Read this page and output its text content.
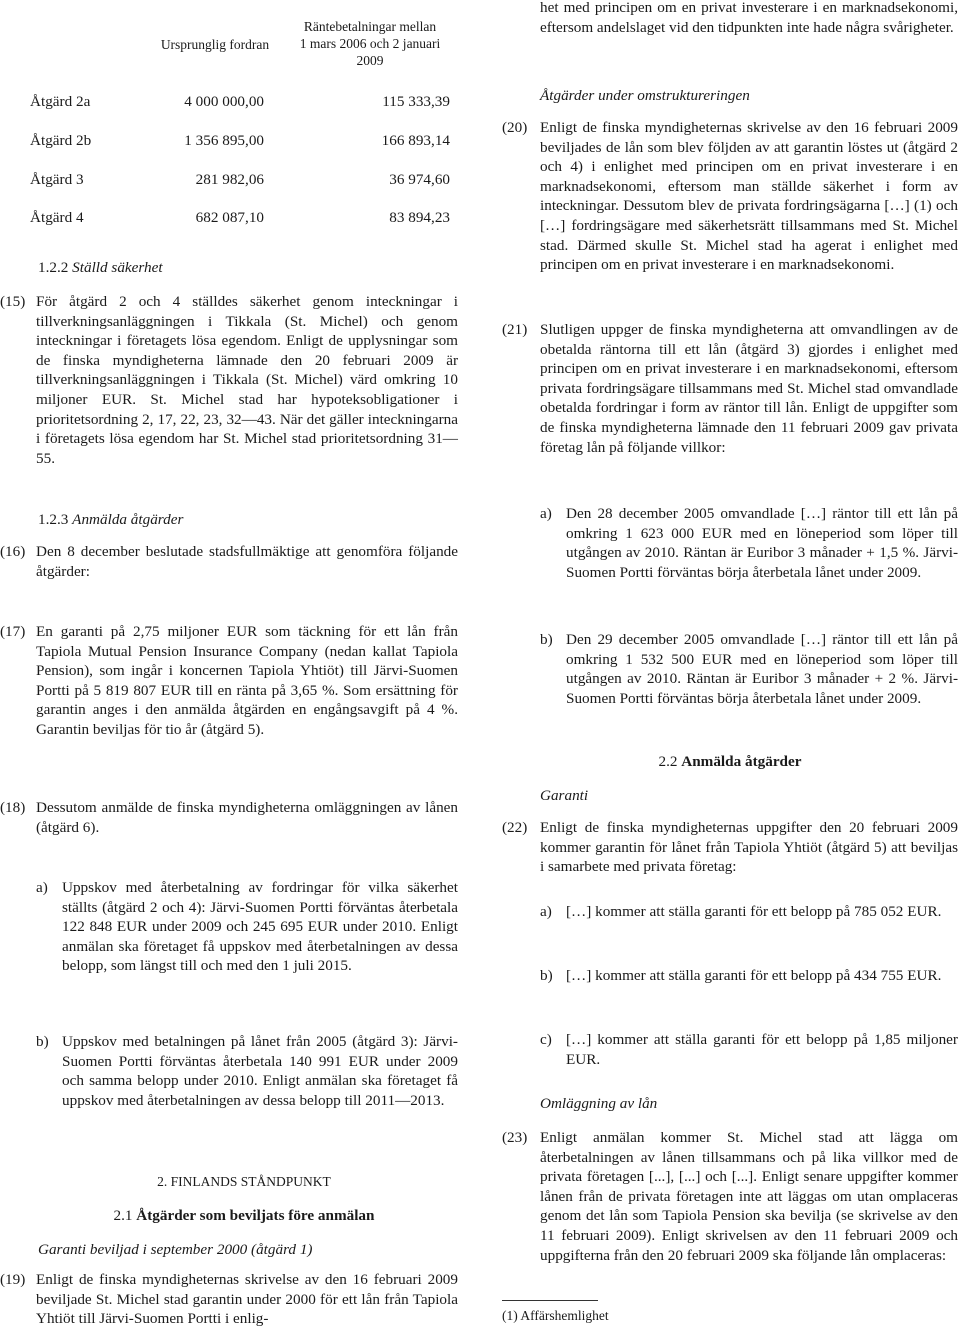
Ursprunglig fordran
Räntebetalningar mellan
1 mars 2006 och 2 januari
2009
Åtgärd 2a	4 000 000,00	115 333,39
Åtgärd 2b	1 356 895,00	166 893,14
Åtgärd 3	281 982,06	36 974,60
Åtgärd 4	682 087,10	83 894,23
1.2.2 Ställd säkerhet
(15) För åtgärd 2 och 4 ställdes säkerhet genom inteckningar i tillverkningsanläggningen i Tikkala (St. Michel) och genom inteckningar i företagets lösa egendom. Enligt de upplysningar som de finska myndigheterna lämnade den 20 februari 2009 är tillverkningsanläggningen i Tikkala (St. Michel) värd omkring 10 miljoner EUR. St. Michel stad har hypoteksobligationer i prioritetsordning 2, 17, 22, 23, 32—43. När det gäller inteckningarna i företagets lösa egendom har St. Michel stad prioritetsordning 31—55.
1.2.3 Anmälda åtgärder
(16) Den 8 december beslutade stadsfullmäktige att genomföra följande åtgärder:
(17) En garanti på 2,75 miljoner EUR som täckning för ett lån från Tapiola Mutual Pension Insurance Company (nedan kallat Tapiola Pension), som ingår i koncernen Tapiola Yhtiöt) till Järvi-Suomen Portti på 5 819 807 EUR till en ränta på 3,65 %. Som ersättning för garantin anges i den anmälda åtgärden en engångsavgift på 4 %. Garantin beviljas för tio år (åtgärd 5).
(18) Dessutom anmälde de finska myndigheterna omläggningen av lånen (åtgärd 6).
a) Uppskov med återbetalning av fordringar för vilka säkerhet ställts (åtgärd 2 och 4): Järvi-Suomen Portti förväntas återbetala 122 848 EUR under 2009 och 245 695 EUR under 2010. Enligt anmälan ska företaget få uppskov med återbetalningen av dessa belopp, som längst till och med den 1 juli 2015.
b) Uppskov med betalningen på lånet från 2005 (åtgärd 3): Järvi-Suomen Portti förväntas återbetala 140 991 EUR under 2009 och samma belopp under 2010. Enligt anmälan ska företaget få uppskov med återbetalningen av dessa belopp till 2011—2013.
2. FINLANDS STÅNDPUNKT
2.1 Åtgärder som beviljats före anmälan
Garanti beviljad i september 2000 (åtgärd 1)
(19) Enligt de finska myndigheternas skrivelse av den 16 februari 2009 beviljade St. Michel stad garantin under 2000 för ett lån från Tapiola Yhtiöt till Järvi-Suomen Portti i enlig-
het med principen om en privat investerare i en marknadsekonomi, eftersom andelslaget vid den tidpunkten inte hade några svårigheter.
Åtgärder under omstruktureringen
(20) Enligt de finska myndigheternas skrivelse av den 16 februari 2009 beviljades de lån som blev följden av att garantin löstes ut (åtgärd 2 och 4) i enlighet med principen om en privat investerare i en marknadsekonomi, eftersom man ställde säkerhet i form av inteckningar. Dessutom blev de privata fordringsägarna […] (1) och […] fordringsägare med säkerhetsrätt tillsammans med St. Michel stad. Därmed skulle St. Michel stad ha agerat i enlighet med principen om en privat investerare i en marknadsekonomi.
(21) Slutligen uppger de finska myndigheterna att omvandlingen av de obetalda räntorna till ett lån (åtgärd 3) gjordes i enlighet med principen om en privat investerare i en marknadsekonomi, eftersom privata fordringsägare tillsammans med St. Michel stad omvandlade obetalda fordringar i form av räntor till lån. Enligt de uppgifter som de finska myndigheterna lämnade den 11 februari 2009 gav privata företag lån på följande villkor:
a) Den 28 december 2005 omvandlade […] räntor till ett lån på omkring 1 623 000 EUR med en löneperiod som löper till utgången av 2010. Räntan är Euribor 3 månader + 1,5 %. Järvi-Suomen Portti förväntas börja återbetala lånet under 2009.
b) Den 29 december 2005 omvandlade […] räntor till ett lån på omkring 1 532 500 EUR med en löneperiod som löper till utgången av 2010. Räntan är Euribor 3 månader + 2 %. Järvi-Suomen Portti förväntas börja återbetala lånet under 2009.
2.2 Anmälda åtgärder
Garanti
(22) Enligt de finska myndigheternas uppgifter den 20 februari 2009 kommer garantin för lånet från Tapiola Yhtiöt (åtgärd 5) att beviljas i samarbete med privata företag:
a) […] kommer att ställa garanti för ett belopp på 785 052 EUR.
b) […] kommer att ställa garanti för ett belopp på 434 755 EUR.
c) […] kommer att ställa garanti för ett belopp på 1,85 miljoner EUR.
Omläggning av lån
(23) Enligt anmälan kommer St. Michel stad att lägga om återbetalningen av lånen tillsammans och på lika villkor med de privata företagen [...], [...] och [...]. Enligt senare uppgifter kommer lånen från de privata företagen inte att läggas om utan omplaceras genom det lån som Tapiola Pension ska bevilja (se skrivelse av den 11 februari 2009). Enligt skrivelsen av den 11 februari 2009 och uppgifterna från den 20 februari 2009 ska följande lån omplaceras:
(1) Affärshemlighet
